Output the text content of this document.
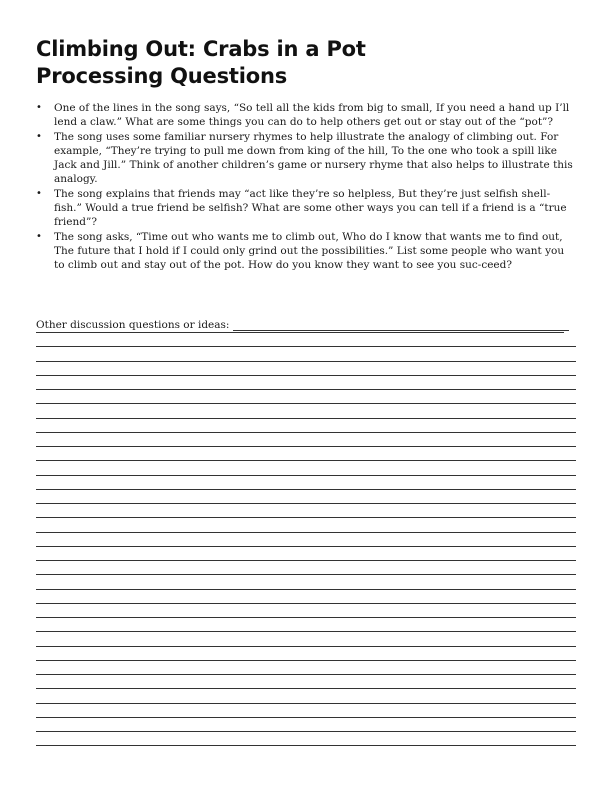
Climbing Out: Crabs in a Pot
Processing Questions
• One of the lines in the song says, “So tell all the kids from big to small, If you need a hand up I’ll lend a claw.” What are some things you can do to help others get out or stay out of the “pot”?
• The song uses some familiar nursery rhymes to help illustrate the analogy of climbing out. For example, “They’re trying to pull me down from king of the hill, To the one who took a spill like Jack and Jill.” Think of another children’s game or nursery rhyme that also helps to illustrate this analogy.
• The song explains that friends may “act like they’re so helpless, But they’re just selfish shell-fish.” Would a true friend be selfish? What are some other ways you can tell if a friend is a “true friend”?
• The song asks, “Time out who wants me to climb out, Who do I know that wants me to find out, The future that I hold if I could only grind out the possibilities.” List some people who want you to climb out and stay out of the pot. How do you know they want to see you suc-ceed?
Other discussion questions or ideas:
